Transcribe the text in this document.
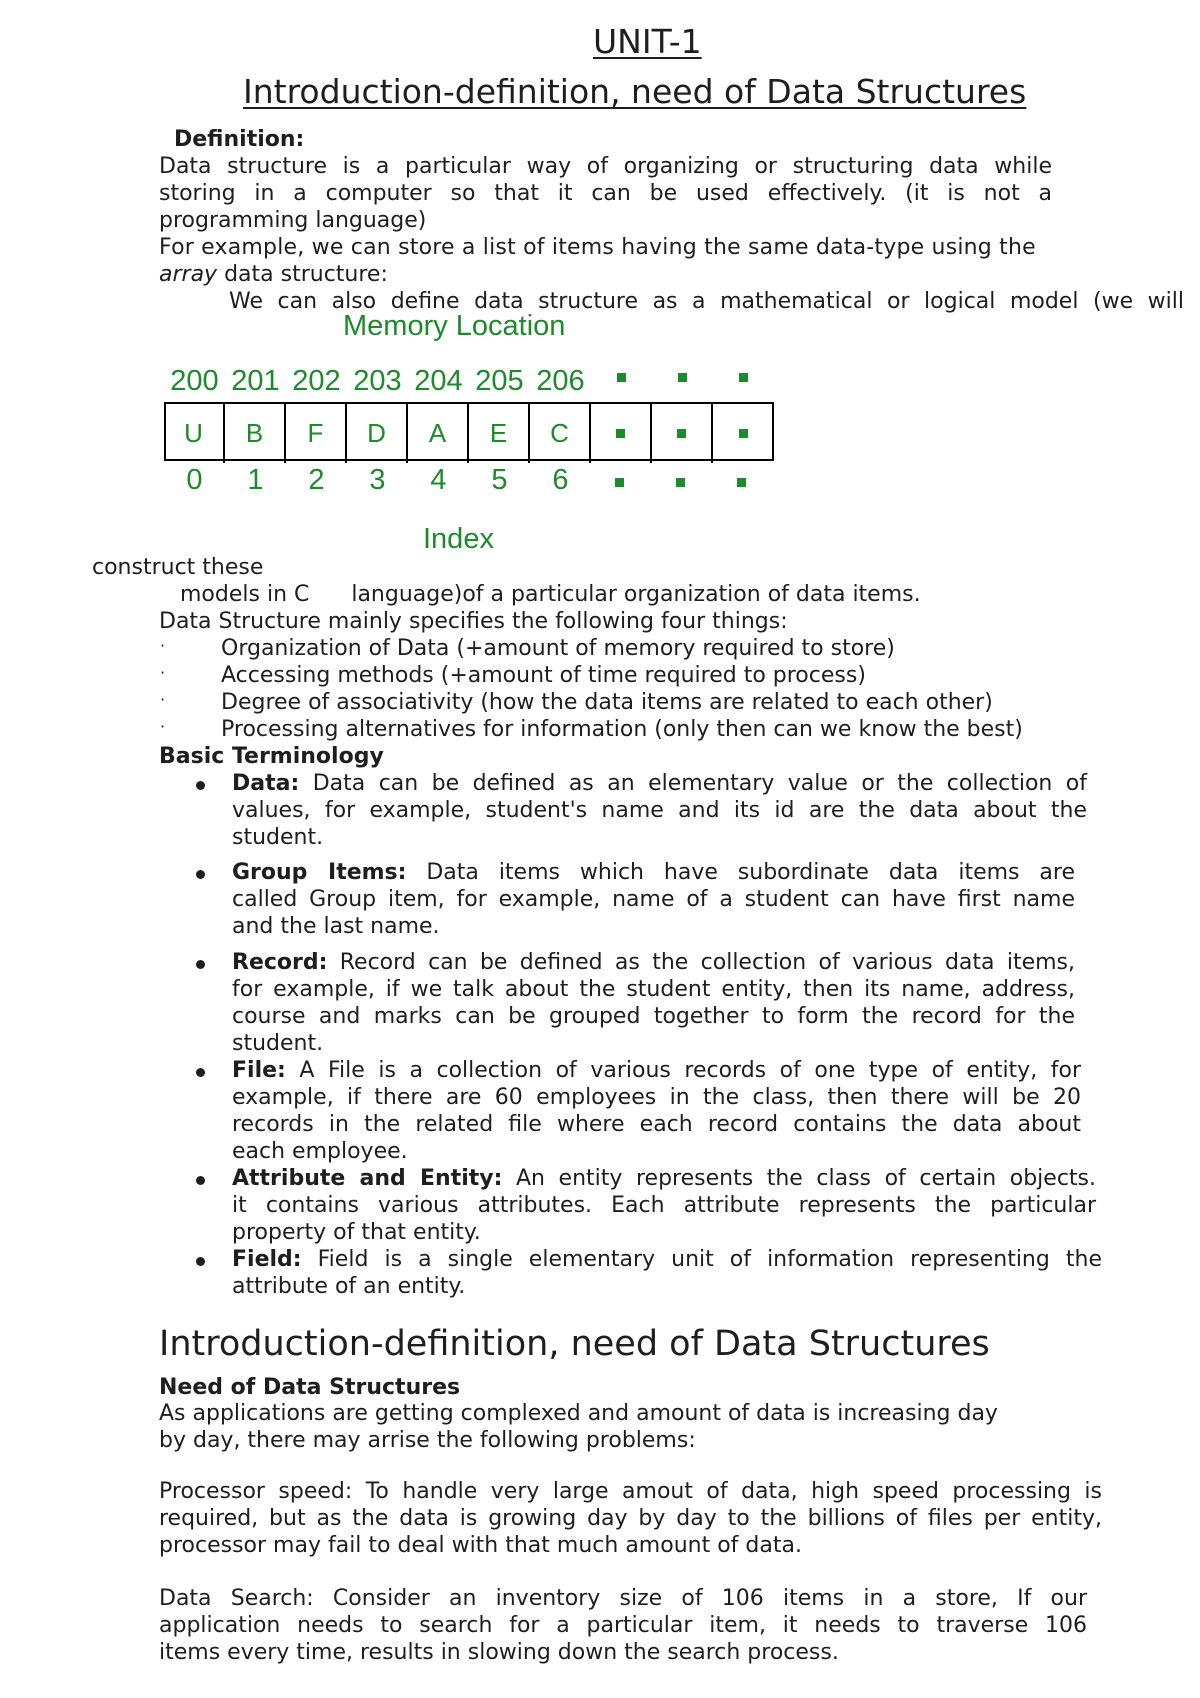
UNIT-1
Introduction-definition, need of Data Structures
Definition:
Data structure is a particular way of organizing or structuring data while
storing in a computer so that it can be used effectively. (it is not a
programming language)
For example, we can store a list of items having the same data-type using the
array data structure:
We can also define data structure as a mathematical or logical model (we will
Memory Location
U	B	F	D	A	E	C
Index
construct these
models in C      language)of a particular organization of data items.
Data Structure mainly specifies the following four things:
·	Organization of Data (+amount of memory required to store)
·	Accessing methods (+amount of time required to process)
·	Degree of associativity (how the data items are related to each other)
·	Processing alternatives for information (only then can we know the best)
Basic Terminology
Data: Data can be defined as an elementary value or the collection of
values, for example, student's name and its id are the data about the
student.
Group Items: Data items which have subordinate data items are
called Group item, for example, name of a student can have first name
and the last name.
Record: Record can be defined as the collection of various data items,
for example, if we talk about the student entity, then its name, address,
course and marks can be grouped together to form the record for the
student.
File: A File is a collection of various records of one type of entity, for
example, if there are 60 employees in the class, then there will be 20
records in the related file where each record contains the data about
each employee.
Attribute and Entity: An entity represents the class of certain objects.
it contains various attributes. Each attribute represents the particular
property of that entity.
Field: Field is a single elementary unit of information representing the
attribute of an entity.
Introduction-definition, need of Data Structures
Need of Data Structures
As applications are getting complexed and amount of data is increasing day
by day, there may arrise the following problems:
Processor speed: To handle very large amout of data, high speed processing is
required, but as the data is growing day by day to the billions of files per entity,
processor may fail to deal with that much amount of data.
Data Search: Consider an inventory size of 106 items in a store, If our
application needs to search for a particular item, it needs to traverse 106
items every time, results in slowing down the search process.
200 201 202 203 204 205 206
0	1	2	3	4	5	6
